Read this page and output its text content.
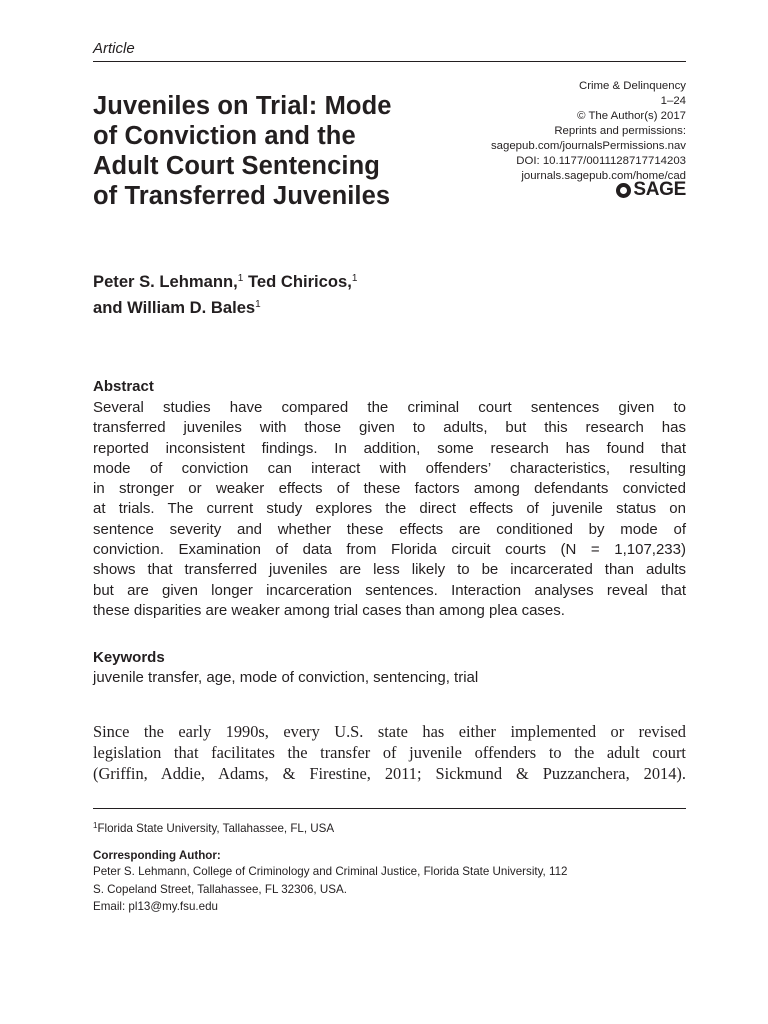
Article
Crime & Delinquency
1–24
© The Author(s) 2017
Reprints and permissions:
sagepub.com/journalsPermissions.nav
DOI: 10.1177/0011128717714203
journals.sagepub.com/home/cad
SAGE
Juveniles on Trial: Mode
of Conviction and the
Adult Court Sentencing
of Transferred Juveniles
Peter S. Lehmann,$^1$ Ted Chiricos,$^1$
and William D. Bales$^1$
Abstract
Several studies have compared the criminal court sentences given to
transferred juveniles with those given to adults, but this research has
reported inconsistent findings. In addition, some research has found that
mode of conviction can interact with offenders’ characteristics, resulting
in stronger or weaker effects of these factors among defendants convicted
at trials. The current study explores the direct effects of juvenile status on
sentence severity and whether these effects are conditioned by mode of
conviction. Examination of data from Florida circuit courts (N = 1,107,233)
shows that transferred juveniles are less likely to be incarcerated than adults
but are given longer incarceration sentences. Interaction analyses reveal that
these disparities are weaker among trial cases than among plea cases.
Keywords
juvenile transfer, age, mode of conviction, sentencing, trial
Since the early 1990s, every U.S. state has either implemented or revised
legislation that facilitates the transfer of juvenile offenders to the adult court
(Griffin, Addie, Adams, & Firestine, 2011; Sickmund & Puzzanchera, 2014).
$^1$Florida State University, Tallahassee, FL, USA
Corresponding Author:
Peter S. Lehmann, College of Criminology and Criminal Justice, Florida State University, 112
S. Copeland Street, Tallahassee, FL 32306, USA.
Email: pl13@my.fsu.edu
